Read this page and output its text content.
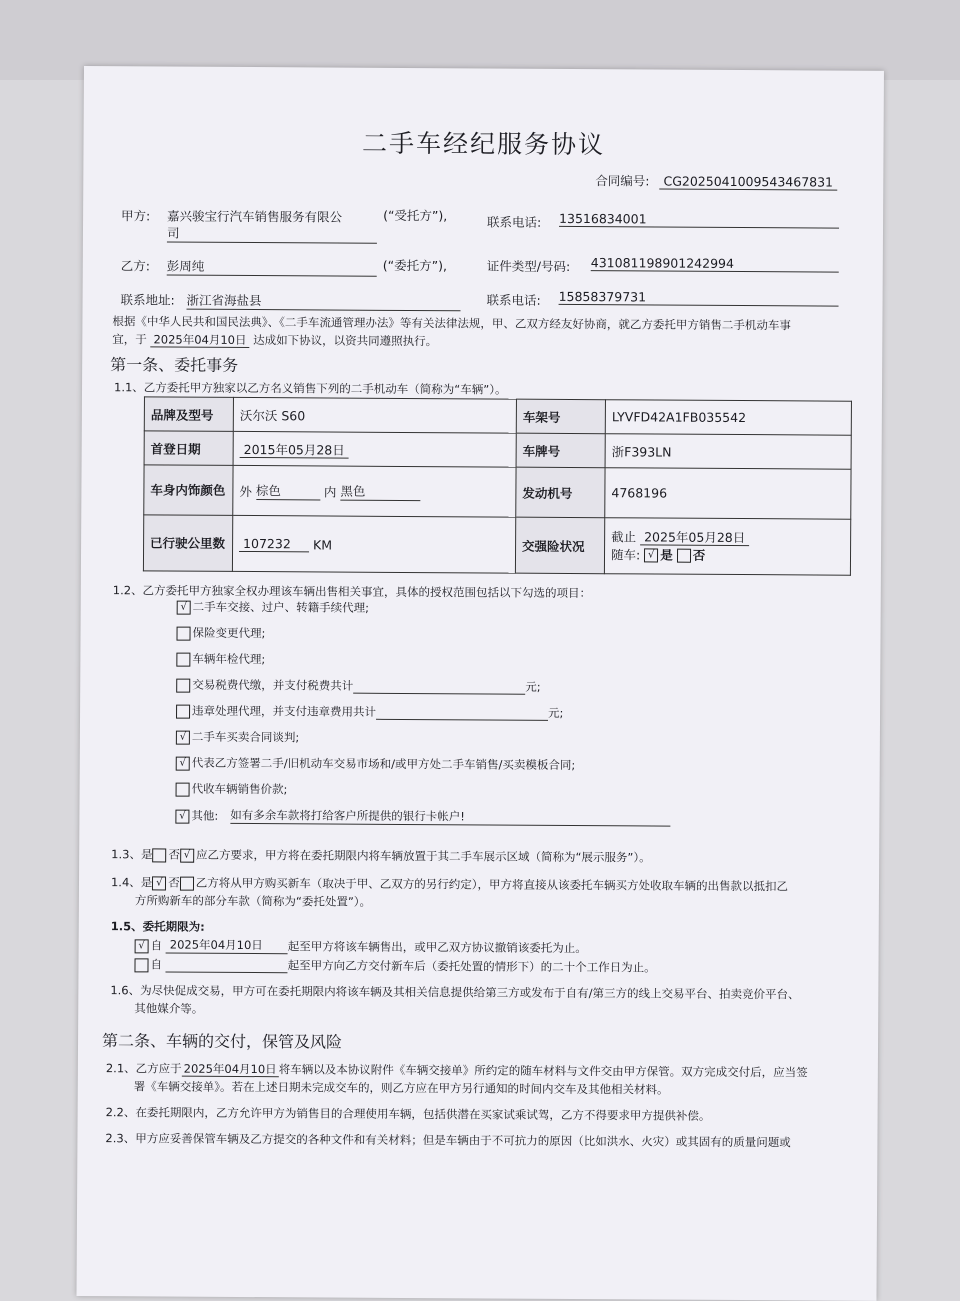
二手车经纪服务协议
合同编号: CG2025041009543467831
甲方: 嘉兴骏宝行汽车销售服务有限公
司
(“受托方”),	联系电话: 13516834001
乙方: 彭周纯	(“委托方”),	证件类型/号码: 431081198901242994
联系地址: 浙江省海盐县	联系电话: 15858379731
根据《中华人民共和国民法典》、《二手车流通管理办法》等有关法律法规，甲、乙双方经友好协商，就乙方委托甲方销售二手机动车事
宜，于 2025年04月10日 达成如下协议，以资共同遵照执行。
第一条、委托事务
1.1、乙方委托甲方独家以乙方名义销售下列的二手机动车（简称为“车辆”）。
品牌及型号	沃尔沃 S60	车架号	LYVFD42A1FB035542
首登日期	2015年05月28日	车牌号	浙F393LN
车身内饰颜色	外 棕色 内 黑色	发动机号	4768196
已行驶公里数	107232 KM	交强险状况	截止 2025年05月28日
随车: √ 是 否
1.2、乙方委托甲方独家全权办理该车辆出售相关事宜，具体的授权范围包括以下勾选的项目：
√ 二手车交接、过户、转籍手续代理;
保险变更代理;
车辆年检代理;
交易税费代缴，并支付税费共计	元;
违章处理代理，并支付违章费用共计	元;
√ 二手车买卖合同谈判;
√ 代表乙方签署二手/旧机动车交易市场和/或甲方处二手车销售/买卖模板合同;
代收车辆销售价款;
√ 其他: 如有多余车款将打给客户所提供的银行卡帐户!
1.3、是 否 √ 应乙方要求，甲方将在委托期限内将车辆放置于其二手车展示区域（简称为“展示服务”）。
1.4、是 √ 否 乙方将从甲方购买新车（取决于甲、乙双方的另行约定），甲方将直接从该委托车辆买方处收取车辆的出售款以抵扣乙
方所购新车的部分车款（简称为“委托处置”）。
1.5、委托期限为:
√ 自 2025年04月10日 起至甲方将该车辆售出，或甲乙双方协议撤销该委托为止。
自	起至甲方向乙方交付新车后（委托处置的情形下）的二十个工作日为止。
1.6、为尽快促成交易，甲方可在委托期限内将该车辆及其相关信息提供给第三方或发布于自有/第三方的线上交易平台、拍卖竞价平台、
其他媒介等。
第二条、车辆的交付，保管及风险
2.1、乙方应于 2025年04月10日 将车辆以及本协议附件《车辆交接单》所约定的随车材料与文件交由甲方保管。双方完成交付后，应当签
署《车辆交接单》。若在上述日期未完成交车的，则乙方应在甲方另行通知的时间内交车及其他相关材料。
2.2、在委托期限内，乙方允许甲方为销售目的合理使用车辆，包括供潜在买家试乘试驾，乙方不得要求甲方提供补偿。
2.3、甲方应妥善保管车辆及乙方提交的各种文件和有关材料；但是车辆由于不可抗力的原因（比如洪水、火灾）或其固有的质量问题或
